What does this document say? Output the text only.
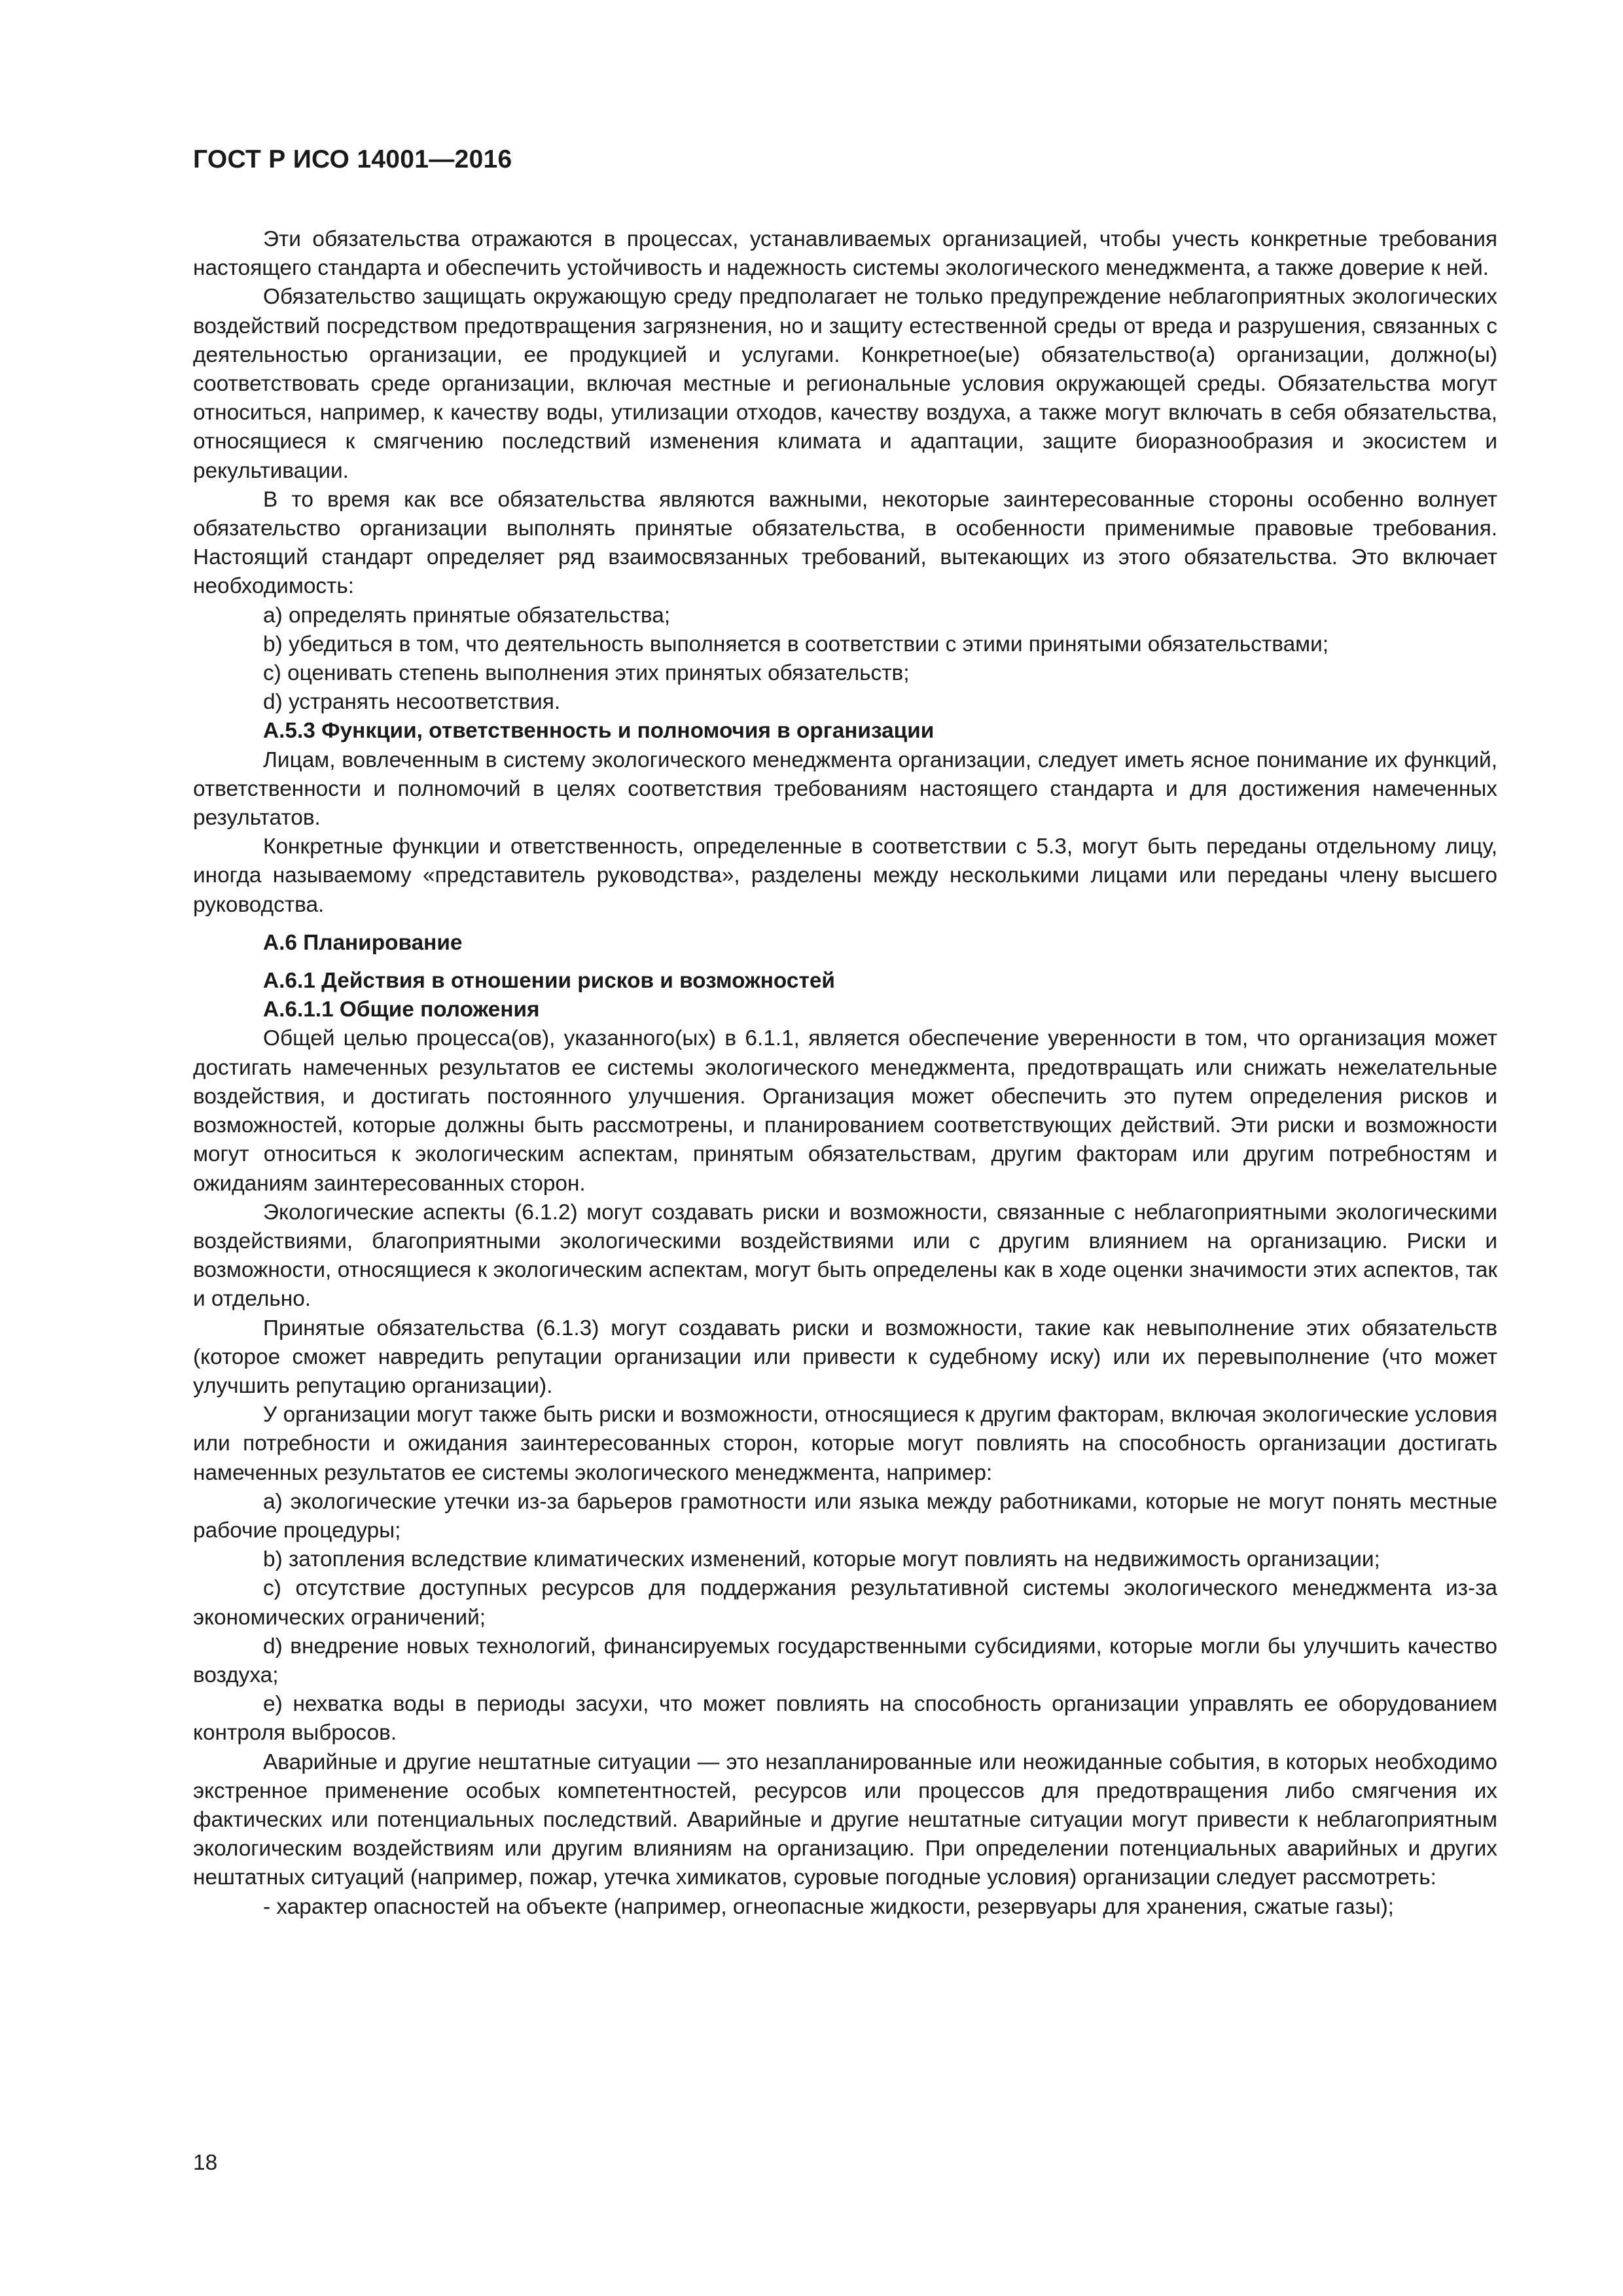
ГОСТ Р ИСО 14001—2016

Эти обязательства отражаются в процессах, устанавливаемых организацией, чтобы учесть конкретные требования настоящего стандарта и обеспечить устойчивость и надежность системы экологического менеджмента, а также доверие к ней.

Обязательство защищать окружающую среду предполагает не только предупреждение неблагоприятных экологических воздействий посредством предотвращения загрязнения, но и защиту естественной среды от вреда и разрушения, связанных с деятельностью организации, ее продукцией и услугами. Конкретное(ые) обязательство(а) организации, должно(ы) соответствовать среде организации, включая местные и региональные условия окружающей среды. Обязательства могут относиться, например, к качеству воды, утилизации отходов, качеству воздуха, а также могут включать в себя обязательства, относящиеся к смягчению последствий изменения климата и адаптации, защите биоразнообразия и экосистем и рекультивации.

В то время как все обязательства являются важными, некоторые заинтересованные стороны особенно волнует обязательство организации выполнять принятые обязательства, в особенности применимые правовые требования. Настоящий стандарт определяет ряд взаимосвязанных требований, вытекающих из этого обязательства. Это включает необходимость:

a) определять принятые обязательства;

b) убедиться в том, что деятельность выполняется в соответствии с этими принятыми обязательствами;

c) оценивать степень выполнения этих принятых обязательств;

d) устранять несоответствия.

А.5.3 Функции, ответственность и полномочия в организации

Лицам, вовлеченным в систему экологического менеджмента организации, следует иметь ясное понимание их функций, ответственности и полномочий в целях соответствия требованиям настоящего стандарта и для достижения намеченных результатов.

Конкретные функции и ответственность, определенные в соответствии с 5.3, могут быть переданы отдельному лицу, иногда называемому «представитель руководства», разделены между несколькими лицами или переданы члену высшего руководства.

А.6 Планирование
А.6.1 Действия в отношении рисков и возможностей
А.6.1.1 Общие положения

Общей целью процесса(ов), указанного(ых) в 6.1.1, является обеспечение уверенности в том, что организация может достигать намеченных результатов ее системы экологического менеджмента, предотвращать или снижать нежелательные воздействия, и достигать постоянного улучшения. Организация может обеспечить это путем определения рисков и возможностей, которые должны быть рассмотрены, и планированием соответствующих действий. Эти риски и возможности могут относиться к экологическим аспектам, принятым обязательствам, другим факторам или другим потребностям и ожиданиям заинтересованных сторон.

Экологические аспекты (6.1.2) могут создавать риски и возможности, связанные с неблагоприятными экологическими воздействиями, благоприятными экологическими воздействиями или с другим влиянием на организацию. Риски и возможности, относящиеся к экологическим аспектам, могут быть определены как в ходе оценки значимости этих аспектов, так и отдельно.

Принятые обязательства (6.1.3) могут создавать риски и возможности, такие как невыполнение этих обязательств (которое сможет навредить репутации организации или привести к судебному иску) или их перевыполнение (что может улучшить репутацию организации).

У организации могут также быть риски и возможности, относящиеся к другим факторам, включая экологические условия или потребности и ожидания заинтересованных сторон, которые могут повлиять на способность организации достигать намеченных результатов ее системы экологического менеджмента, например:

a) экологические утечки из-за барьеров грамотности или языка между работниками, которые не могут понять местные рабочие процедуры;

b) затопления вследствие климатических изменений, которые могут повлиять на недвижимость организации;

c) отсутствие доступных ресурсов для поддержания результативной системы экологического менеджмента из-за экономических ограничений;

d) внедрение новых технологий, финансируемых государственными субсидиями, которые могли бы улучшить качество воздуха;

e) нехватка воды в периоды засухи, что может повлиять на способность организации управлять ее оборудованием контроля выбросов.

Аварийные и другие нештатные ситуации — это незапланированные или неожиданные события, в которых необходимо экстренное применение особых компетентностей, ресурсов или процессов для предотвращения либо смягчения их фактических или потенциальных последствий. Аварийные и другие нештатные ситуации могут привести к неблагоприятным экологическим воздействиям или другим влияниям на организацию. При определении потенциальных аварийных и других нештатных ситуаций (например, пожар, утечка химикатов, суровые погодные условия) организации следует рассмотреть:

- характер опасностей на объекте (например, огнеопасные жидкости, резервуары для хранения, сжатые газы);

18
